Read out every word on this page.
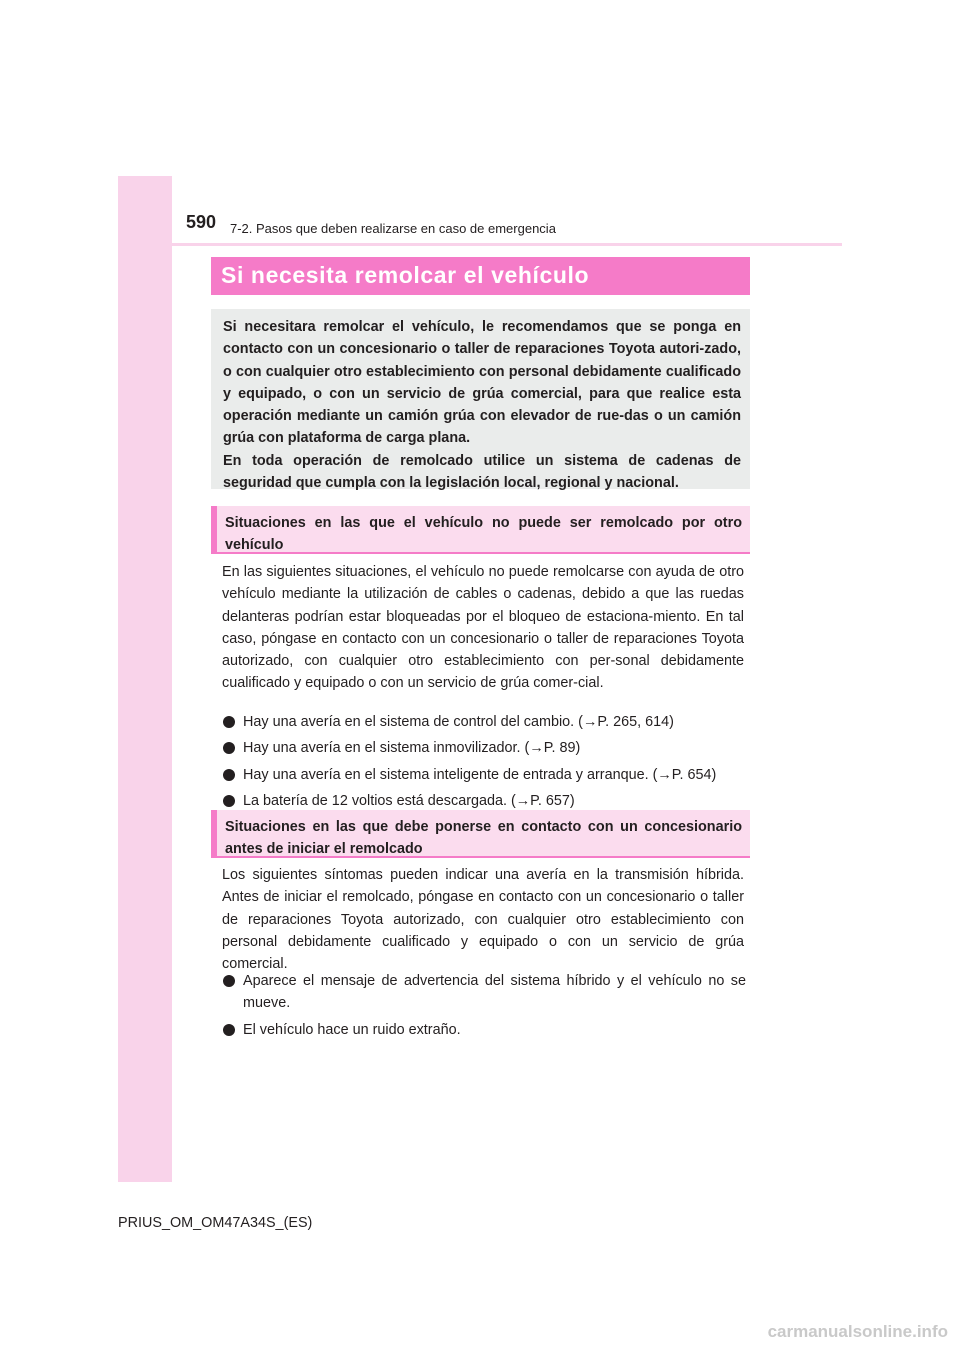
590 7-2. Pasos que deben realizarse en caso de emergencia
Si necesita remolcar el vehículo

Si necesitara remolcar el vehículo, le recomendamos que se ponga en contacto con un concesionario o taller de reparaciones Toyota autori-zado, o con cualquier otro establecimiento con personal debidamente cualificado y equipado, o con un servicio de grúa comercial, para que realice esta operación mediante un camión grúa con elevador de rue-das o un camión grúa con plataforma de carga plana.

En toda operación de remolcado utilice un sistema de cadenas de seguridad que cumpla con la legislación local, regional y nacional.

Situaciones en las que el vehículo no puede ser remolcado por otro vehículo

En las siguientes situaciones, el vehículo no puede remolcarse con ayuda de otro vehículo mediante la utilización de cables o cadenas, debido a que las ruedas delanteras podrían estar bloqueadas por el bloqueo de estaciona-miento. En tal caso, póngase en contacto con un concesionario o taller de reparaciones Toyota autorizado, con cualquier otro establecimiento con per-sonal debidamente cualificado y equipado o con un servicio de grúa comer-cial.

Hay una avería en el sistema de control del cambio. (→P. 265, 614)
Hay una avería en el sistema inmovilizador. (→P. 89)
Hay una avería en el sistema inteligente de entrada y arranque. (→P. 654)
La batería de 12 voltios está descargada. (→P. 657)

Situaciones en las que debe ponerse en contacto con un concesionario antes de iniciar el remolcado

Los siguientes síntomas pueden indicar una avería en la transmisión híbrida. Antes de iniciar el remolcado, póngase en contacto con un concesionario o taller de reparaciones Toyota autorizado, con cualquier otro establecimiento con personal debidamente cualificado y equipado o con un servicio de grúa comercial.

Aparece el mensaje de advertencia del sistema híbrido y el vehículo no se mueve.
El vehículo hace un ruido extraño.
PRIUS_OM_OM47A34S_(ES)
carmanualsonline.info
